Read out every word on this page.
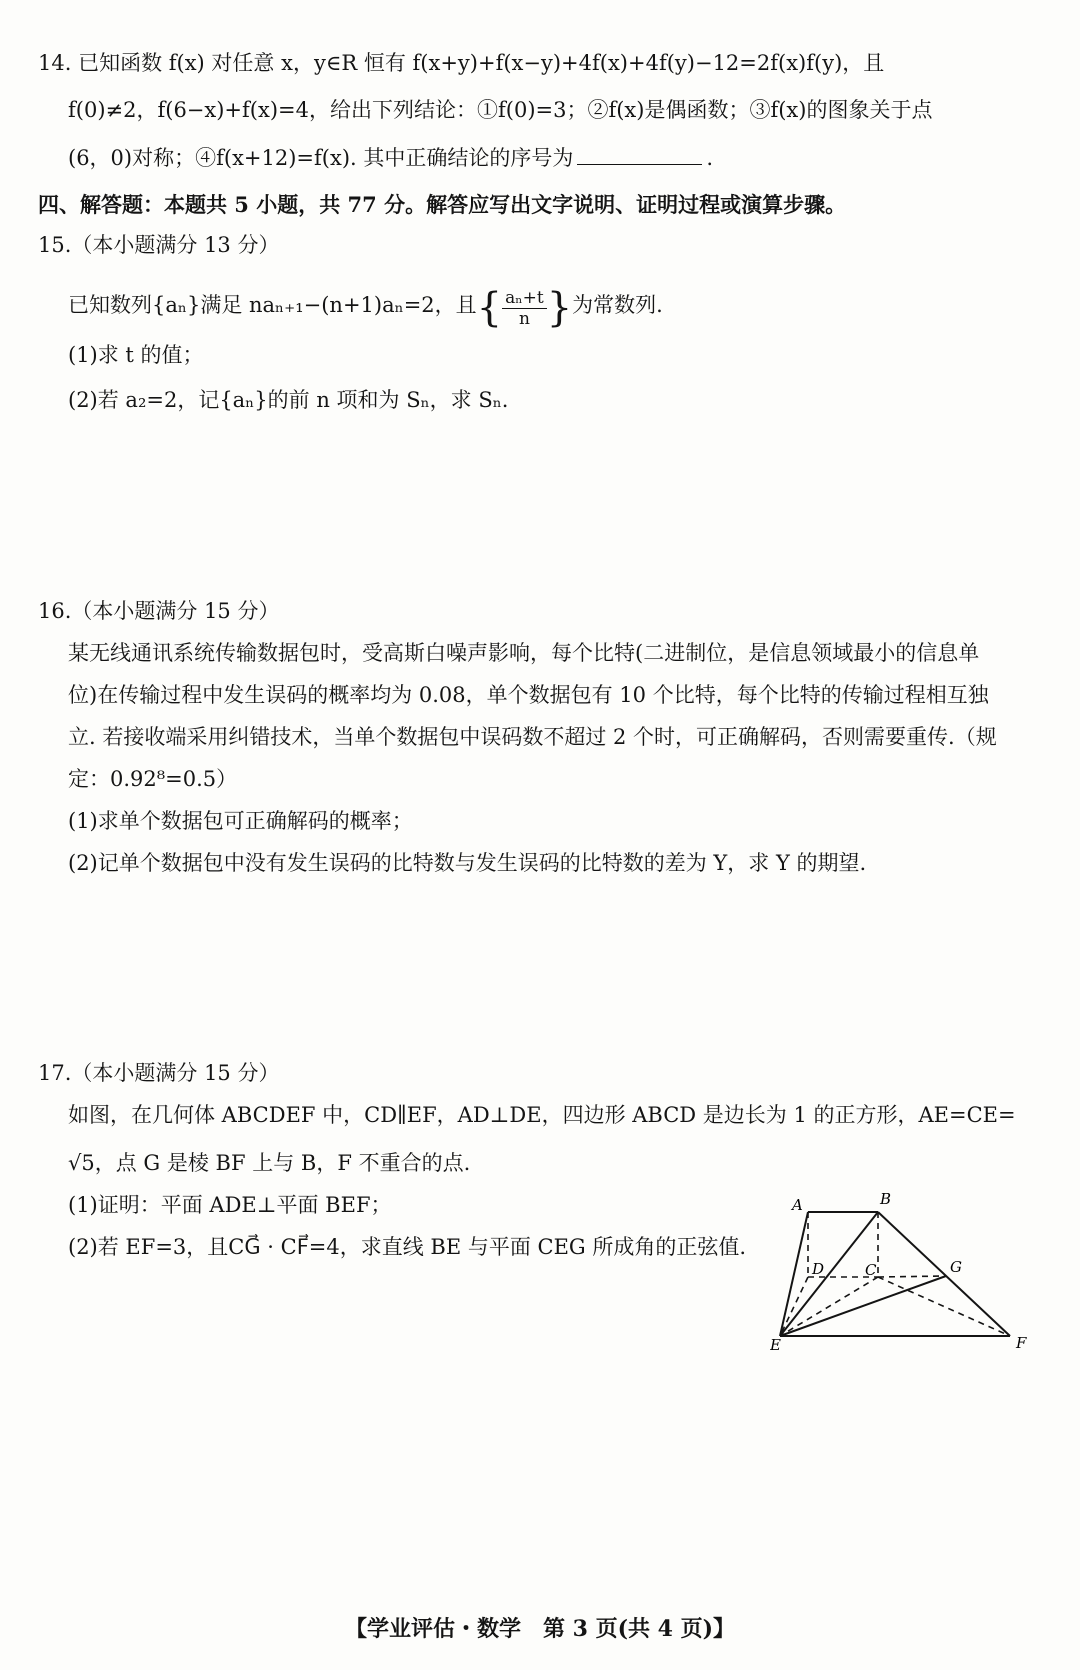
14. 已知函数 f(x) 对任意 x，y∈R 恒有 f(x+y)+f(x−y)+4f(x)+4f(y)−12=2f(x)f(y)，且
f(0)≠2，f(6−x)+f(x)=4，给出下列结论：①f(0)=3；②f(x)是偶函数；③f(x)的图象关于点
(6，0)对称；④f(x+12)=f(x). 其中正确结论的序号为	.
四、解答题：本题共 5 小题，共 77 分。解答应写出文字说明、证明过程或演算步骤。
15.（本小题满分 13 分）
已知数列{aₙ}满足 naₙ₊₁−(n+1)aₙ=2，且{ $\frac{\text{aₙ+t}}{n}$ }为常数列.
(1)求 t 的值；
(2)若 a₂=2，记{aₙ}的前 n 项和为 Sₙ，求 Sₙ.
16.（本小题满分 15 分）
某无线通讯系统传输数据包时，受高斯白噪声影响，每个比特(二进制位，是信息领域最小的信息单
位)在传输过程中发生误码的概率均为 0.08，单个数据包有 10 个比特，每个比特的传输过程相互独
立. 若接收端采用纠错技术，当单个数据包中误码数不超过 2 个时，可正确解码，否则需要重传.（规
定：0.92⁸=0.5）
(1)求单个数据包可正确解码的概率；
(2)记单个数据包中没有发生误码的比特数与发生误码的比特数的差为 Y，求 Y 的期望.
17.（本小题满分 15 分）
如图，在几何体 ABCDEF 中，CD∥EF，AD⊥DE，四边形 ABCD 是边长为 1 的正方形，AE=CE=
√5，点 G 是棱 BF 上与 B，F 不重合的点.
(1)证明：平面 ADE⊥平面 BEF；
(2)若 EF=3，且CG⃗ · CF⃗=4，求直线 BE 与平面 CEG 所成角的正弦值.
A	B
D	C	G
E	F
【学业评估・数学　第 3 页(共 4 页)】
